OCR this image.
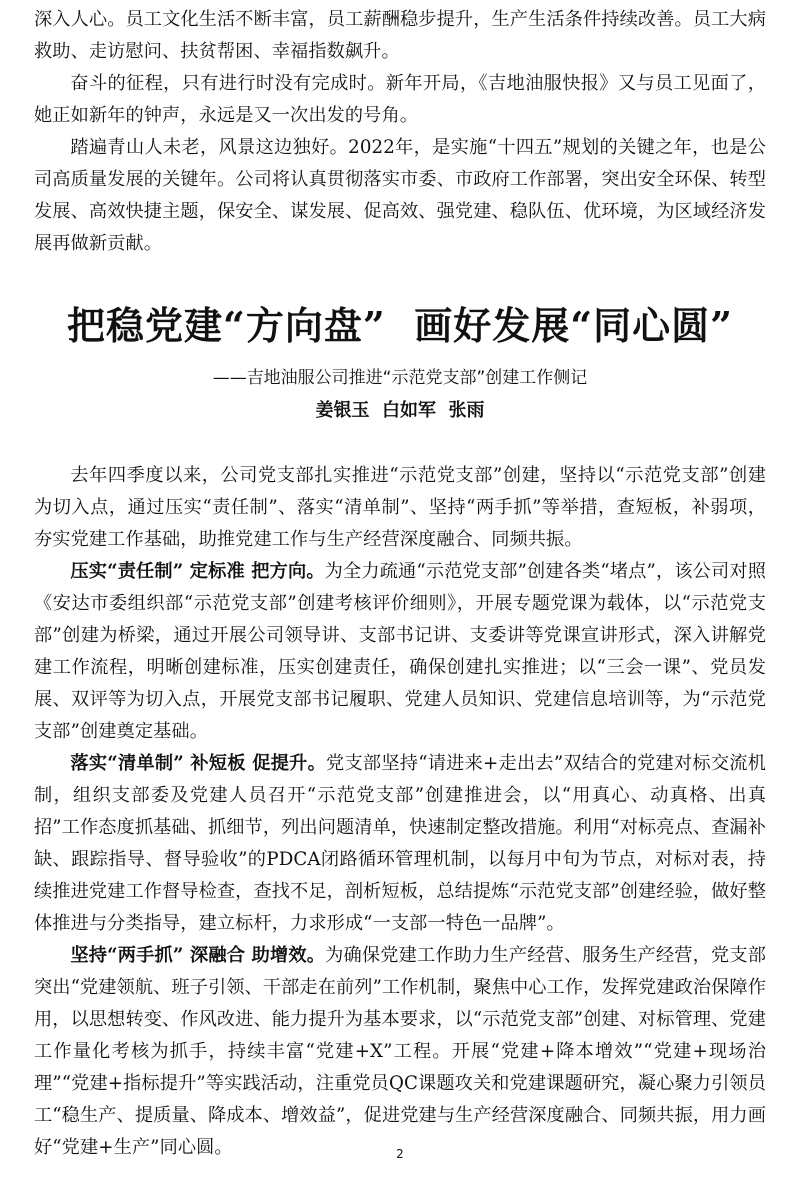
深入人心。员工文化生活不断丰富，员工薪酬稳步提升，生产生活条件持续改善。员工大病救助、走访慰问、扶贫帮困、幸福指数飙升。
奋斗的征程，只有进行时没有完成时。新年开局，《吉地油服快报》又与员工见面了，她正如新年的钟声，永远是又一次出发的号角。
踏遍青山人未老，风景这边独好。2022年，是实施“十四五”规划的关键之年，也是公司高质量发展的关键年。公司将认真贯彻落实市委、市政府工作部署，突出安全环保、转型发展、高效快捷主题，保安全、谋发展、促高效、强党建、稳队伍、优环境，为区域经济发展再做新贡献。
把稳党建“方向盘”  画好发展“同心圆”
——吉地油服公司推进“示范党支部”创建工作侧记
姜银玉  白如军  张雨
去年四季度以来，公司党支部扎实推进“示范党支部”创建，坚持以“示范党支部”创建为切入点，通过压实“责任制”、落实“清单制”、坚持“两手抓”等举措，查短板，补弱项，夯实党建工作基础，助推党建工作与生产经营深度融合、同频共振。
压实“责任制” 定标准 把方向。为全力疏通“示范党支部”创建各类“堵点”，该公司对照《安达市委组织部“示范党支部”创建考核评价细则》，开展专题党课为载体，以“示范党支部”创建为桥梁，通过开展公司领导讲、支部书记讲、支委讲等党课宣讲形式，深入讲解党建工作流程，明晰创建标准，压实创建责任，确保创建扎实推进；以“三会一课”、党员发展、双评等为切入点，开展党支部书记履职、党建人员知识、党建信息培训等，为“示范党支部”创建奠定基础。
落实“清单制” 补短板 促提升。党支部坚持“请进来+走出去”双结合的党建对标交流机制，组织支部委及党建人员召开“示范党支部”创建推进会，以“用真心、动真格、出真招”工作态度抓基础、抓细节，列出问题清单，快速制定整改措施。利用“对标亮点、查漏补缺、跟踪指导、督导验收”的PDCA闭路循环管理机制，以每月中旬为节点，对标对表，持续推进党建工作督导检查，查找不足，剖析短板，总结提炼“示范党支部”创建经验，做好整体推进与分类指导，建立标杆，力求形成“一支部一特色一品牌”。
坚持“两手抓” 深融合 助增效。为确保党建工作助力生产经营、服务生产经营，党支部突出“党建领航、班子引领、干部走在前列”工作机制，聚焦中心工作，发挥党建政治保障作用，以思想转变、作风改进、能力提升为基本要求，以“示范党支部”创建、对标管理、党建工作量化考核为抓手，持续丰富“党建+X”工程。开展“党建+降本增效”“党建+现场治理”“党建+指标提升”等实践活动，注重党员QC课题攻关和党建课题研究，凝心聚力引领员工“稳生产、提质量、降成本、增效益”，促进党建与生产经营深度融合、同频共振，用力画好“党建+生产”同心圆。	2
